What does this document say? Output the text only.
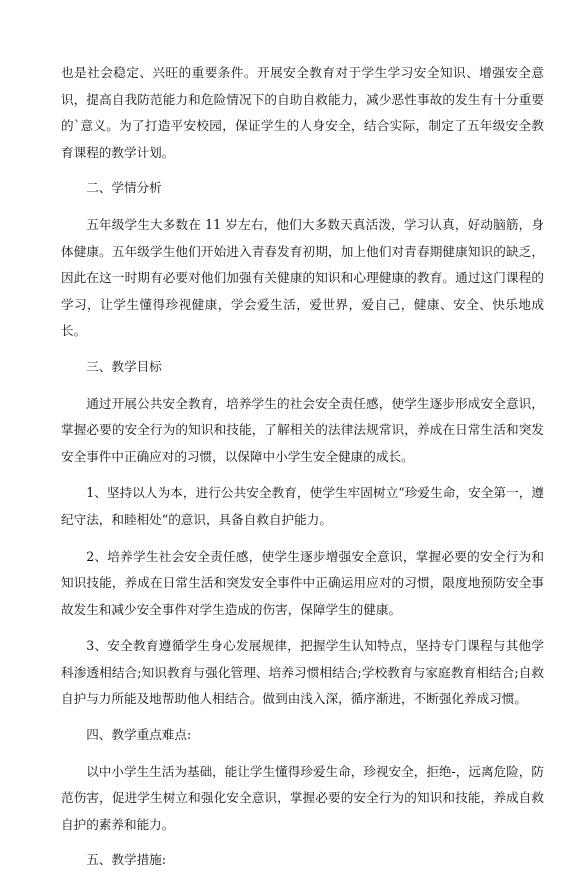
也是社会稳定、兴旺的重要条件。开展安全教育对于学生学习安全知识、增强安全意识，提高自我防范能力和危险情况下的自助自救能力，减少恶性事故的发生有十分重要的`意义。为了打造平安校园，保证学生的人身安全，结合实际，制定了五年级安全教育课程的教学计划。

二、学情分析

五年级学生大多数在 11 岁左右，他们大多数天真活泼，学习认真，好动脑筋，身体健康。五年级学生他们开始进入青春发育初期，加上他们对青春期健康知识的缺乏，因此在这一时期有必要对他们加强有关健康的知识和心理健康的教育。通过这门课程的学习，让学生懂得珍视健康，学会爱生活，爱世界，爱自己，健康、安全、快乐地成长。

三、教学目标

通过开展公共安全教育，培养学生的社会安全责任感，使学生逐步形成安全意识，掌握必要的安全行为的知识和技能，了解相关的法律法规常识，养成在日常生活和突发安全事件中正确应对的习惯，以保障中小学生安全健康的成长。

1、坚持以人为本，进行公共安全教育，使学生牢固树立“珍爱生命，安全第一，遵纪守法，和睦相处“的意识，具备自救自护能力。

2、培养学生社会安全责任感，使学生逐步增强安全意识，掌握必要的安全行为和知识技能，养成在日常生活和突发安全事件中正确运用应对的习惯，限度地预防安全事故发生和减少安全事件对学生造成的伤害，保障学生的健康。

3、安全教育遵循学生身心发展规律，把握学生认知特点，坚持专门课程与其他学科渗透相结合;知识教育与强化管理、培养习惯相结合;学校教育与家庭教育相结合;自救自护与力所能及地帮助他人相结合。做到由浅入深，循序渐进，不断强化养成习惯。

四、教学重点难点:

以中小学生生活为基础，能让学生懂得珍爱生命，珍视安全，拒绝-，远离危险，防范伤害，促进学生树立和强化安全意识，掌握必要的安全行为的知识和技能，养成自救自护的素养和能力。

五、教学措施:
